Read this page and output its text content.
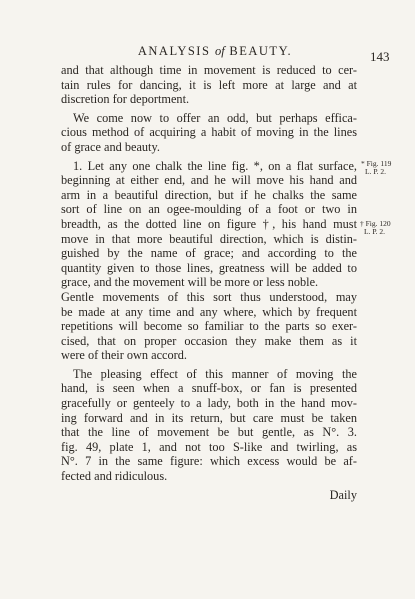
ANALYSIS of BEAUTY.	143
and that although time in movement is reduced to cer-
tain rules for dancing, it is left more at large and at
discretion for deportment.
We come now to offer an odd, but perhaps effica-
cious method of acquiring a habit of moving in the lines
of grace and beauty.
1. Let any one chalk the line fig. *, on a flat surface,
beginning at either end, and he will move his hand and
arm in a beautiful direction, but if he chalks the same
sort of line on an ogee-moulding of a foot or two in
breadth, as the dotted line on figure †, his hand must
move in that more beautiful direction, which is distin-
guished by the name of grace; and according to the
quantity given to those lines, greatness will be added to
grace, and the movement will be more or less noble.
Gentle movements of this sort thus understood, may
be made at any time and any where, which by frequent
repetitions will become so familiar to the parts so exer-
cised, that on proper occasion they make them as it
were of their own accord.
The pleasing effect of this manner of moving the
hand, is seen when a snuff-box, or fan is presented
gracefully or genteely to a lady, both in the hand mov-
ing forward and in its return, but care must be taken
that the line of movement be but gentle, as N°. 3.
fig. 49, plate 1, and not too S-like and twirling, as
N°. 7 in the same figure: which excess would be af-
fected and ridiculous.
Daily
* Fig. 119
L. P. 2.
† Fig. 120
L. P. 2.
